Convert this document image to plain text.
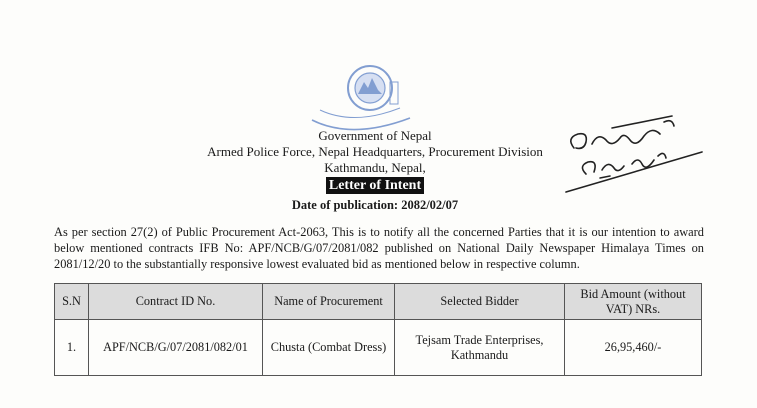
Government of Nepal
Armed Police Force, Nepal Headquarters, Procurement Division
Kathmandu, Nepal,
Letter of Intent
Date of publication: 2082/02/07
As per section 27(2) of Public Procurement Act-2063, This is to notify all the concerned Parties that it is our intention to award below mentioned contracts IFB No: APF/NCB/G/07/2081/082 published on National Daily Newspaper Himalaya Times on 2081/12/20 to the substantially responsive lowest evaluated bid as mentioned below in respective column.
S.N	Contract ID No.	Name of Procurement	Selected Bidder	Bid Amount (without VAT) NRs.
1.	APF/NCB/G/07/2081/082/01	Chusta (Combat Dress)	Tejsam Trade Enterprises, Kathmandu	26,95,460/-
